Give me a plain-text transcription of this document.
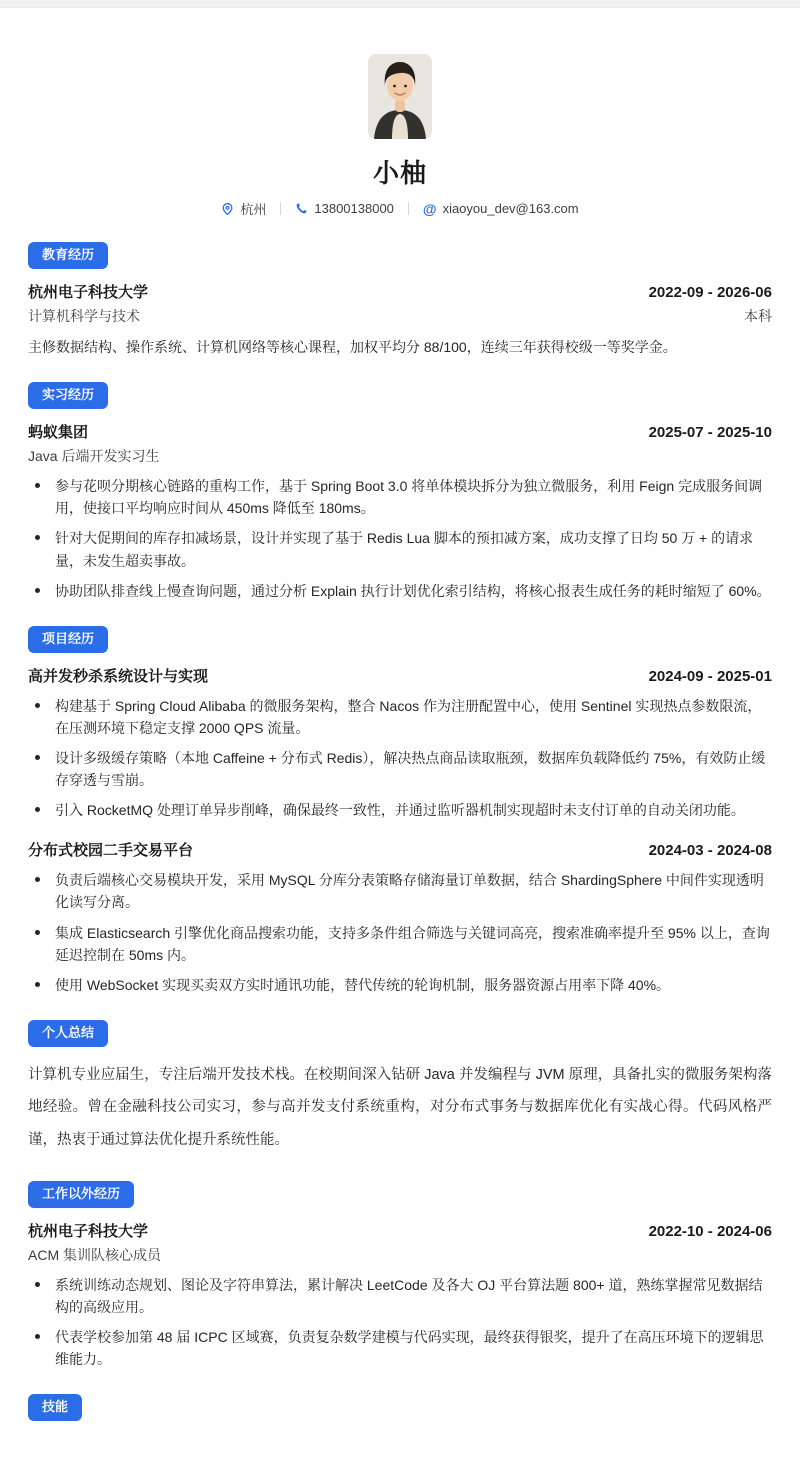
小柚
杭州	13800138000 @ xiaoyou_dev@163.com
教育经历
杭州电子科技大学	2022-09 - 2026-06
计算机科学与技术	本科

主修数据结构、操作系统、计算机网络等核心课程，加权平均分 88/100，连续三年获得校级一等奖学金。

实习经历
蚂蚁集团	2025-07 - 2025-10
Java 后端开发实习生
参与花呗分期核心链路的重构工作，基于 Spring Boot 3.0 将单体模块拆分为独立微服务，利用 Feign 完成服务间调用，使接口平均响应时间从 450ms 降低至 180ms。
针对大促期间的库存扣减场景，设计并实现了基于 Redis Lua 脚本的预扣减方案，成功支撑了日均 50 万 + 的请求量，未发生超卖事故。
协助团队排查线上慢查询问题，通过分析 Explain 执行计划优化索引结构，将核心报表生成任务的耗时缩短了 60%。
项目经历
高并发秒杀系统设计与实现	2024-09 - 2025-01
构建基于 Spring Cloud Alibaba 的微服务架构，整合 Nacos 作为注册配置中心，使用 Sentinel 实现热点参数限流，在压测环境下稳定支撑 2000 QPS 流量。
设计多级缓存策略（本地 Caffeine + 分布式 Redis），解决热点商品读取瓶颈，数据库负载降低约 75%，有效防止缓存穿透与雪崩。
引入 RocketMQ 处理订单异步削峰，确保最终一致性，并通过监听器机制实现超时未支付订单的自动关闭功能。
分布式校园二手交易平台	2024-03 - 2024-08
负责后端核心交易模块开发，采用 MySQL 分库分表策略存储海量订单数据，结合 ShardingSphere 中间件实现透明化读写分离。
集成 Elasticsearch 引擎优化商品搜索功能，支持多条件组合筛选与关键词高亮，搜索准确率提升至 95% 以上，查询延迟控制在 50ms 内。
使用 WebSocket 实现买卖双方实时通讯功能，替代传统的轮询机制，服务器资源占用率下降 40%。
个人总结

计算机专业应届生，专注后端开发技术栈。在校期间深入钻研 Java 并发编程与 JVM 原理，具备扎实的微服务架构落地经验。曾在金融科技公司实习，参与高并发支付系统重构，对分布式事务与数据库优化有实战心得。代码风格严谨，热衷于通过算法优化提升系统性能。

工作以外经历
杭州电子科技大学	2022-10 - 2024-06
ACM 集训队核心成员
系统训练动态规划、图论及字符串算法，累计解决 LeetCode 及各大 OJ 平台算法题 800+ 道，熟练掌握常见数据结构的高级应用。
代表学校参加第 48 届 ICPC 区域赛，负责复杂数学建模与代码实现，最终获得银奖，提升了在高压环境下的逻辑思维能力。
技能
